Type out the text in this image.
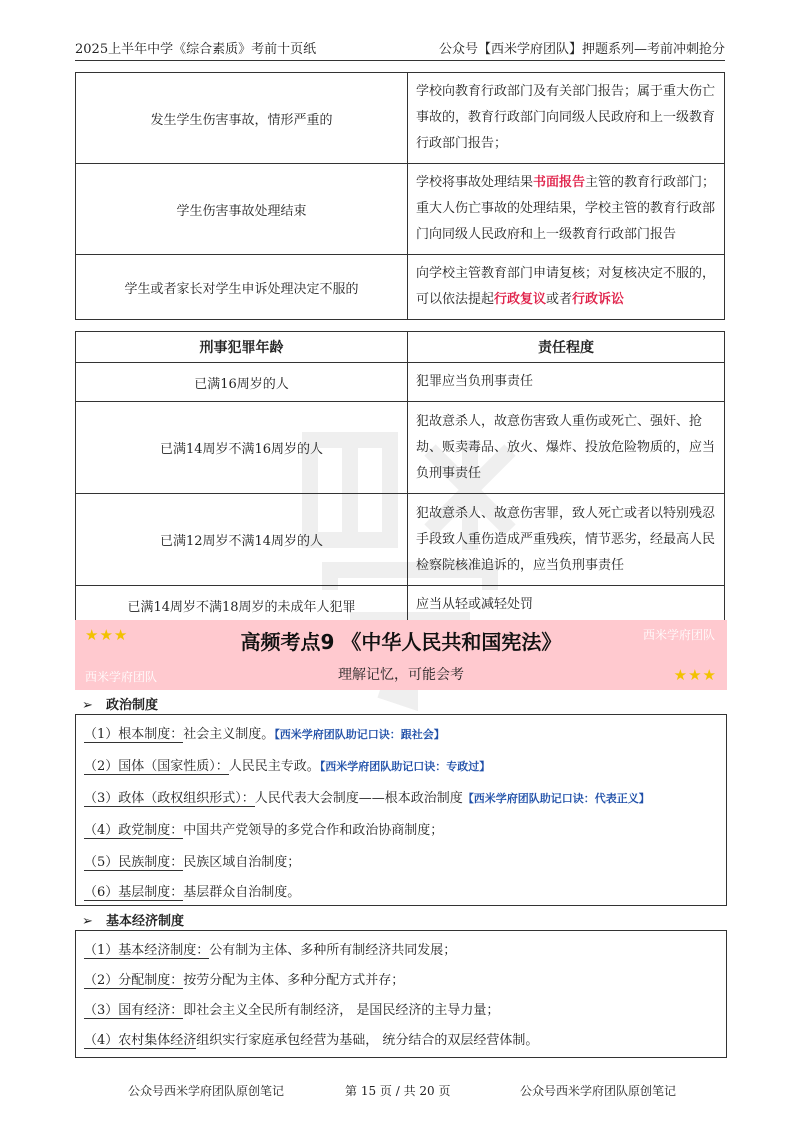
2025上半年中学《综合素质》考前十页纸	公众号【西米学府团队】押题系列—考前冲刺抢分
发生学生伤害事故，情形严重的	学校向教育行政部门及有关部门报告；属于重大伤亡事故的，教育行政部门向同级人民政府和上一级教育行政部门报告；
学生伤害事故处理结束	学校将事故处理结果书面报告主管的教育行政部门；重大人伤亡事故的处理结果，学校主管的教育行政部门向同级人民政府和上一级教育行政部门报告
学生或者家长对学生申诉处理决定不服的	向学校主管教育部门申请复核；对复核决定不服的，可以依法提起行政复议或者行政诉讼
刑事犯罪年龄	责任程度
已满16周岁的人	犯罪应当负刑事责任
已满14周岁不满16周岁的人	犯故意杀人，故意伤害致人重伤或死亡、强奸、抢劫、贩卖毒品、放火、爆炸、投放危险物质的，应当负刑事责任
已满12周岁不满14周岁的人	犯故意杀人、故意伤害罪，致人死亡或者以特别残忍手段致人重伤造成严重残疾，情节恶劣，经最高人民检察院核准追诉的，应当负刑事责任
已满14周岁不满18周岁的未成年人犯罪	应当从轻或减轻处罚
★★★	西米学府团队
高频考点9 《中华人民共和国宪法》
西米学府团队	理解记忆，可能会考	★★★
➢ 政治制度
（1）根本制度：社会主义制度。【西米学府团队助记口诀：跟社会】
（2）国体（国家性质）：人民民主专政。【西米学府团队助记口诀：专政过】
（3）政体（政权组织形式）：人民代表大会制度——根本政治制度【西米学府团队助记口诀：代表正义】
（4）政党制度：中国共产党领导的多党合作和政治协商制度；
（5）民族制度：民族区域自治制度；
（6）基层制度：基层群众自治制度。
➢ 基本经济制度
（1）基本经济制度：公有制为主体、多种所有制经济共同发展；
（2）分配制度：按劳分配为主体、多种分配方式并存；
（3）国有经济：即社会主义全民所有制经济， 是国民经济的主导力量；
（4）农村集体经济组织实行家庭承包经营为基础， 统分结合的双层经营体制。
公众号西米学府团队原创笔记	第 15 页 / 共 20 页	公众号西米学府团队原创笔记
